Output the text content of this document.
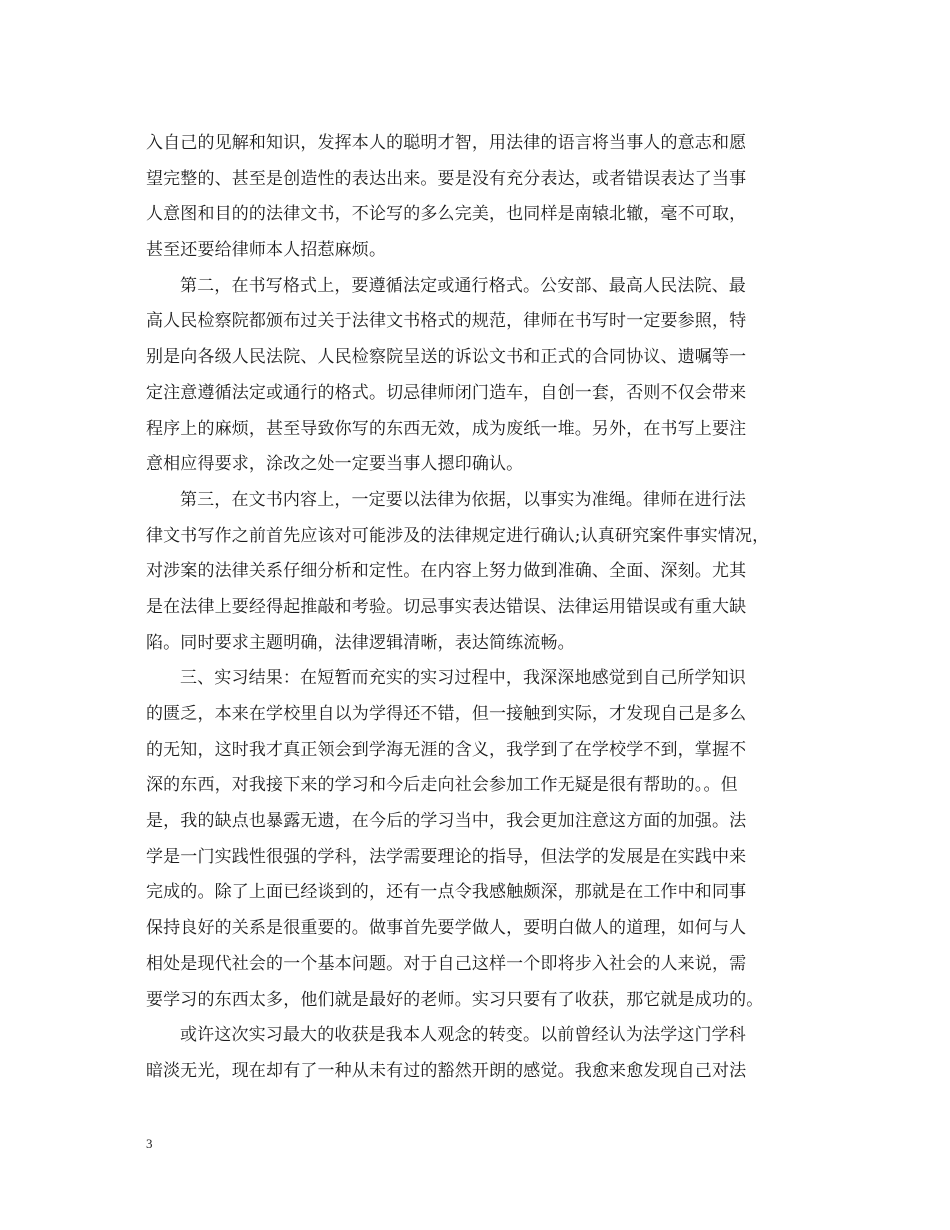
入自己的见解和知识，发挥本人的聪明才智，用法律的语言将当事人的意志和愿
望完整的、甚至是创造性的表达出来。要是没有充分表达，或者错误表达了当事
人意图和目的的法律文书，不论写的多么完美，也同样是南辕北辙，毫不可取，
甚至还要给律师本人招惹麻烦。
第二，在书写格式上，要遵循法定或通行格式。公安部、最高人民法院、最
高人民检察院都颁布过关于法律文书格式的规范，律师在书写时一定要参照，特
别是向各级人民法院、人民检察院呈送的诉讼文书和正式的合同协议、遗嘱等一
定注意遵循法定或通行的格式。切忌律师闭门造车，自创一套，否则不仅会带来
程序上的麻烦，甚至导致你写的东西无效，成为废纸一堆。另外，在书写上要注
意相应得要求，涂改之处一定要当事人摁印确认。
第三，在文书内容上，一定要以法律为依据，以事实为准绳。律师在进行法
律文书写作之前首先应该对可能涉及的法律规定进行确认;认真研究案件事实情况，
对涉案的法律关系仔细分析和定性。在内容上努力做到准确、全面、深刻。尤其
是在法律上要经得起推敲和考验。切忌事实表达错误、法律运用错误或有重大缺
陷。同时要求主题明确，法律逻辑清晰，表达简练流畅。
三、实习结果：在短暂而充实的实习过程中，我深深地感觉到自己所学知识
的匮乏，本来在学校里自以为学得还不错，但一接触到实际，才发现自己是多么
的无知，这时我才真正领会到学海无涯的含义，我学到了在学校学不到，掌握不
深的东西，对我接下来的学习和今后走向社会参加工作无疑是很有帮助的。。但
是，我的缺点也暴露无遗，在今后的学习当中，我会更加注意这方面的加强。法
学是一门实践性很强的学科，法学需要理论的指导，但法学的发展是在实践中来
完成的。除了上面已经谈到的，还有一点令我感触颇深，那就是在工作中和同事
保持良好的关系是很重要的。做事首先要学做人，要明白做人的道理，如何与人
相处是现代社会的一个基本问题。对于自己这样一个即将步入社会的人来说，需
要学习的东西太多，他们就是最好的老师。实习只要有了收获，那它就是成功的。
或许这次实习最大的收获是我本人观念的转变。以前曾经认为法学这门学科
暗淡无光，现在却有了一种从未有过的豁然开朗的感觉。我愈来愈发现自己对法
3
